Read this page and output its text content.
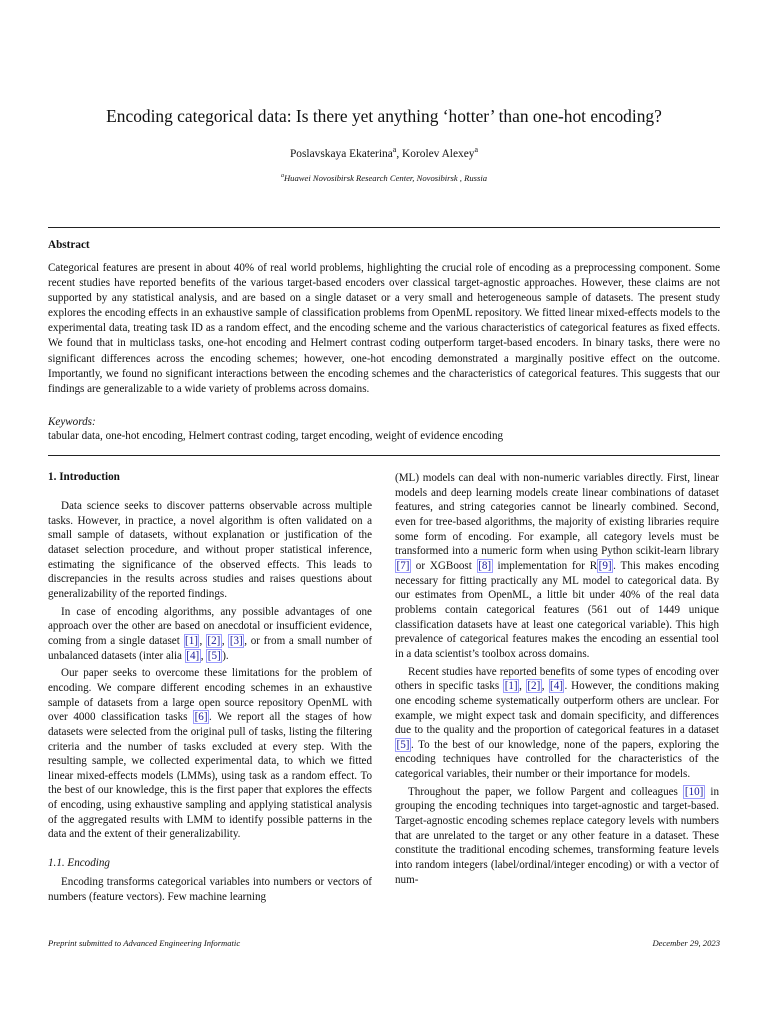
Encoding categorical data: Is there yet anything ‘hotter’ than one-hot encoding?
Poslavskaya Ekaterina$^a$, Korolev Alexey$^a$
$^a$Huawei Novosibirsk Research Center, Novosibirsk , Russia
Abstract

Categorical features are present in about 40% of real world problems, highlighting the crucial role of encoding as a preprocessing component. Some recent studies have reported benefits of the various target-based encoders over classical target-agnostic approaches. However, these claims are not supported by any statistical analysis, and are based on a single dataset or a very small and heterogeneous sample of datasets. The present study explores the encoding effects in an exhaustive sample of classification problems from OpenML repository. We fitted linear mixed-effects models to the experimental data, treating task ID as a random effect, and the encoding scheme and the various characteristics of categorical features as fixed effects. We found that in multiclass tasks, one-hot encoding and Helmert contrast coding outperform target-based encoders. In binary tasks, there were no significant differences across the encoding schemes; however, one-hot encoding demonstrated a marginally positive effect on the outcome. Importantly, we found no significant interactions between the encoding schemes and the characteristics of categorical features. This suggests that our findings are generalizable to a wide variety of problems across domains.

Keywords:
tabular data, one-hot encoding, Helmert contrast coding, target encoding, weight of evidence encoding
1. Introduction

Data science seeks to discover patterns observable across multiple tasks. However, in practice, a novel algorithm is often validated on a small sample of datasets, without explanation or justification of the dataset selection procedure, and without proper statistical inference, estimating the significance of the observed effects. This leads to discrepancies in the results across studies and raises questions about generalizability of the reported findings.

In case of encoding algorithms, any possible advantages of one approach over the other are based on anecdotal or insufficient evidence, coming from a single dataset [1] , [2] , [3] , or from a small number of unbalanced datasets (inter alia [4] , [5] ).

Our paper seeks to overcome these limitations for the problem of encoding. We compare different encoding schemes in an exhaustive sample of datasets from a large open source repository OpenML with over 4000 classification tasks [6] . We report all the stages of how datasets were selected from the original pull of tasks, listing the filtering criteria and the number of tasks excluded at every step. With the resulting sample, we collected experimental data, to which we fitted linear mixed-effects models (LMMs), using task as a random effect. To the best of our knowledge, this is the first paper that explores the effects of encoding, using exhaustive sampling and applying statistical analysis of the aggregated results with LMM to identify possible patterns in the data and the extent of their generalizability.

1.1. Encoding

Encoding transforms categorical variables into numbers or vectors of numbers (feature vectors). Few machine learning

(ML) models can deal with non-numeric variables directly. First, linear models and deep learning models create linear combinations of dataset features, and string categories cannot be linearly combined. Second, even for tree-based algorithms, the majority of existing libraries require some form of encoding. For example, all category levels must be transformed into a numeric form when using Python scikit-learn library [7] or XGBoost [8] implementation for R [9] . This makes encoding necessary for fitting practically any ML model to categorical data. By our estimates from OpenML, a little bit under 40% of the real data problems contain categorical features (561 out of 1449 unique classification datasets have at least one categorical variable). This high prevalence of categorical features makes the encoding an essential tool in a data scientist’s toolbox across domains.

Recent studies have reported benefits of some types of encoding over others in specific tasks [1] , [2] , [4] . However, the conditions making one encoding scheme systematically outperform others are unclear. For example, we might expect task and domain specificity, and differences due to the quality and the proportion of categorical features in a dataset [5] . To the best of our knowledge, none of the papers, exploring the encoding techniques have controlled for the characteristics of the categorical variables, their number or their importance for models.

Throughout the paper, we follow Pargent and colleagues [10] in grouping the encoding techniques into target-agnostic and target-based. Target-agnostic encoding schemes replace category levels with numbers that are unrelated to the target or any other feature in a dataset. These constitute the traditional encoding schemes, transforming feature levels into random integers (label/ordinal/integer encoding) or with a vector of num-

Preprint submitted to Advanced Engineering Informatic	December 29, 2023
